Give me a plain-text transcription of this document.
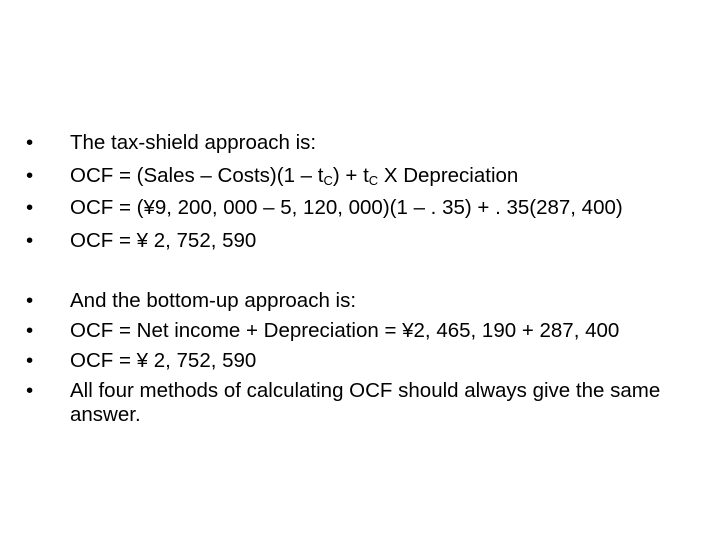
• The tax-shield approach is:
• OCF = (Sales – Costs)(1 – $t_C) + t_C$ X Depreciation
• OCF = (¥9, 200, 000 – 5, 120, 000)(1 – . 35) + . 35(287, 400)
• OCF = ¥ 2, 752, 590
• And the bottom-up approach is:
• OCF = Net income + Depreciation = ¥2, 465, 190 + 287, 400
• OCF = ¥ 2, 752, 590
• All four methods of calculating OCF should always give the same answer.
